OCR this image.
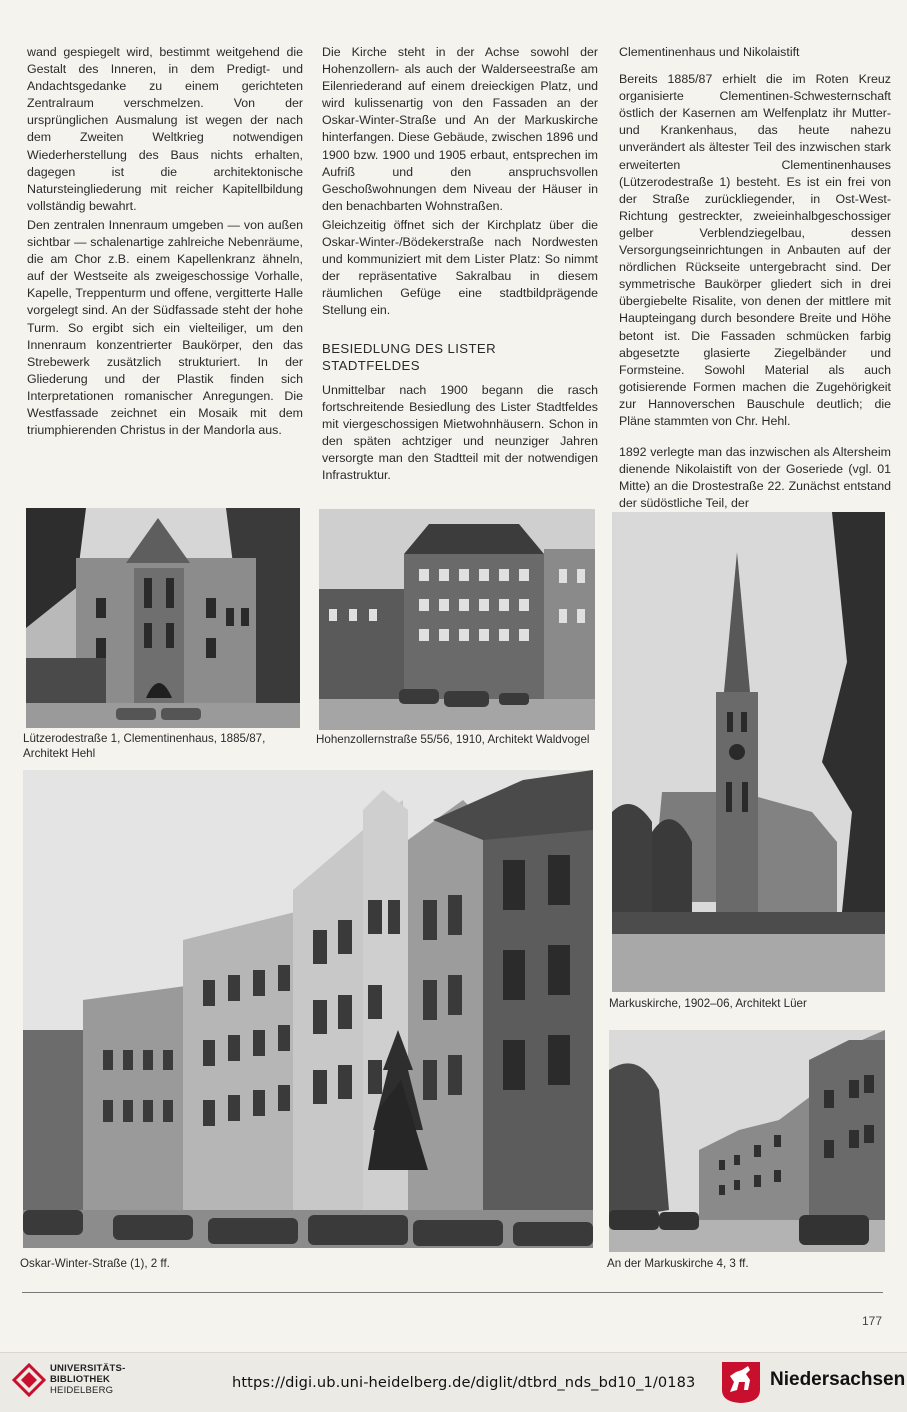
wand gespiegelt wird, bestimmt weitgehend die Gestalt des Inneren, in dem Predigt- und Andachtsgedanke zu einem gerichteten Zentralraum verschmelzen. Von der ursprünglichen Ausmalung ist wegen der nach dem Zweiten Weltkrieg notwendigen Wiederherstellung des Baus nichts erhalten, dagegen ist die architektonische Natursteingliederung mit reicher Kapitellbildung vollständig bewahrt.

Den zentralen Innenraum umgeben — von außen sichtbar — schalenartige zahlreiche Nebenräume, die am Chor z.B. einem Kapellenkranz ähneln, auf der Westseite als zweigeschossige Vorhalle, Kapelle, Treppenturm und offene, vergitterte Halle vorgelegt sind. An der Südfassade steht der hohe Turm. So ergibt sich ein vielteiliger, um den Innenraum konzentrierter Baukörper, den das Strebewerk zusätzlich strukturiert. In der Gliederung und der Plastik finden sich Interpretationen romanischer Anregungen. Die Westfassade zeichnet ein Mosaik mit dem triumphierenden Christus in der Mandorla aus.

Die Kirche steht in der Achse sowohl der Hohenzollern- als auch der Walderseestraße am Eilenriederand auf einem dreieckigen Platz, und wird kulissenartig von den Fassaden an der Oskar-Winter-Straße und An der Markuskirche hinterfangen. Diese Gebäude, zwischen 1896 und 1900 bzw. 1900 und 1905 erbaut, entsprechen im Aufriß und den anspruchsvollen Geschoßwohnungen dem Niveau der Häuser in den benachbarten Wohnstraßen.

Gleichzeitig öffnet sich der Kirchplatz über die Oskar-Winter-/Bödekerstraße nach Nordwesten und kommuniziert mit dem Lister Platz: So nimmt der repräsentative Sakralbau in diesem räumlichen Gefüge eine stadtbildprägende Stellung ein.

BESIEDLUNG DES LISTER STADTFELDES

Unmittelbar nach 1900 begann die rasch fortschreitende Besiedlung des Lister Stadtfeldes mit viergeschossigen Mietwohnhäusern. Schon in den späten achtziger und neunziger Jahren versorgte man den Stadtteil mit der notwendigen Infrastruktur.

Clementinenhaus und Nikolaistift

Bereits 1885/87 erhielt die im Roten Kreuz organisierte Clementinen-Schwesternschaft östlich der Kasernen am Welfenplatz ihr Mutter- und Krankenhaus, das heute nahezu unverändert als ältester Teil des inzwischen stark erweiterten Clementinenhauses (Lützerodestraße 1) besteht. Es ist ein frei von der Straße zurückliegender, in Ost-West-Richtung gestreckter, zweieinhalbgeschossiger gelber Verblendziegelbau, dessen Versorgungseinrichtungen in Anbauten auf der nördlichen Rückseite untergebracht sind. Der symmetrische Baukörper gliedert sich in drei übergiebelte Risalite, von denen der mittlere mit Haupteingang durch besondere Breite und Höhe betont ist. Die Fassaden schmücken farbig abgesetzte glasierte Ziegelbänder und Formsteine. Sowohl Material als auch gotisierende Formen machen die Zugehörigkeit zur Hannoverschen Bauschule deutlich; die Pläne stammten von Chr. Hehl.

1892 verlegte man das inzwischen als Altersheim dienende Nikolaistift von der Goseriede (vgl. 01 Mitte) an die Drostestraße 22. Zunächst entstand der südöstliche Teil, der

Lützerodestraße 1, Clementinenhaus, 1885/87, Architekt Hehl
Hohenzollernstraße 55/56, 1910, Architekt Waldvogel
Markuskirche, 1902–06, Architekt Lüer
Oskar-Winter-Straße (1), 2 ff.	An der Markuskirche 4, 3 ff.
177
UNIVERSITÄTS-
BIBLIOTHEK
HEIDELBERG	https://digi.ub.uni-heidelberg.de/diglit/dtbrd_nds_bd10_1/0183	Niedersachsen
